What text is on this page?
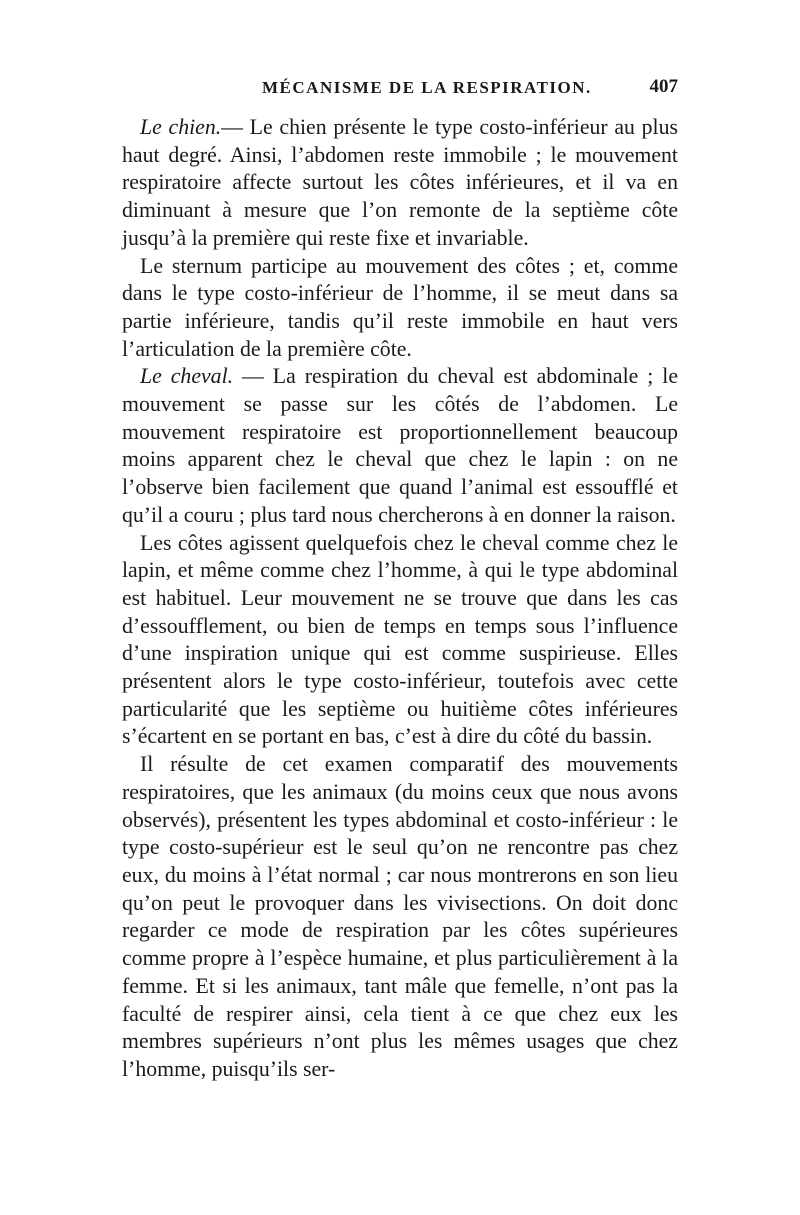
MÉCANISME DE LA RESPIRATION.	407

Le chien.— Le chien présente le type costo-inférieur au plus haut degré. Ainsi, l’abdomen reste immobile ; le mouvement respiratoire affecte surtout les côtes inférieures, et il va en diminuant à mesure que l’on remonte de la septième côte jusqu’à la première qui reste fixe et invariable.

Le sternum participe au mouvement des côtes ; et, comme dans le type costo-inférieur de l’homme, il se meut dans sa partie inférieure, tandis qu’il reste immobile en haut vers l’articulation de la première côte.

Le cheval. — La respiration du cheval est abdominale ; le mouvement se passe sur les côtés de l’abdomen. Le mouvement respiratoire est proportionnellement beaucoup moins apparent chez le cheval que chez le lapin : on ne l’observe bien facilement que quand l’animal est essoufflé et qu’il a couru ; plus tard nous chercherons à en donner la raison.

Les côtes agissent quelquefois chez le cheval comme chez le lapin, et même comme chez l’homme, à qui le type abdominal est habituel. Leur mouvement ne se trouve que dans les cas d’essoufflement, ou bien de temps en temps sous l’influence d’une inspiration unique qui est comme suspirieuse. Elles présentent alors le type costo-inférieur, toutefois avec cette particularité que les septième ou huitième côtes inférieures s’écartent en se portant en bas, c’est à dire du côté du bassin.

Il résulte de cet examen comparatif des mouvements respiratoires, que les animaux (du moins ceux que nous avons observés), présentent les types abdominal et costo-inférieur : le type costo-supérieur est le seul qu’on ne rencontre pas chez eux, du moins à l’état normal ; car nous montrerons en son lieu qu’on peut le provoquer dans les vivisections. On doit donc regarder ce mode de respiration par les côtes supérieures comme propre à l’espèce humaine, et plus particulièrement à la femme. Et si les animaux, tant mâle que femelle, n’ont pas la faculté de respirer ainsi, cela tient à ce que chez eux les membres supérieurs n’ont plus les mêmes usages que chez l’homme, puisqu’ils ser-
